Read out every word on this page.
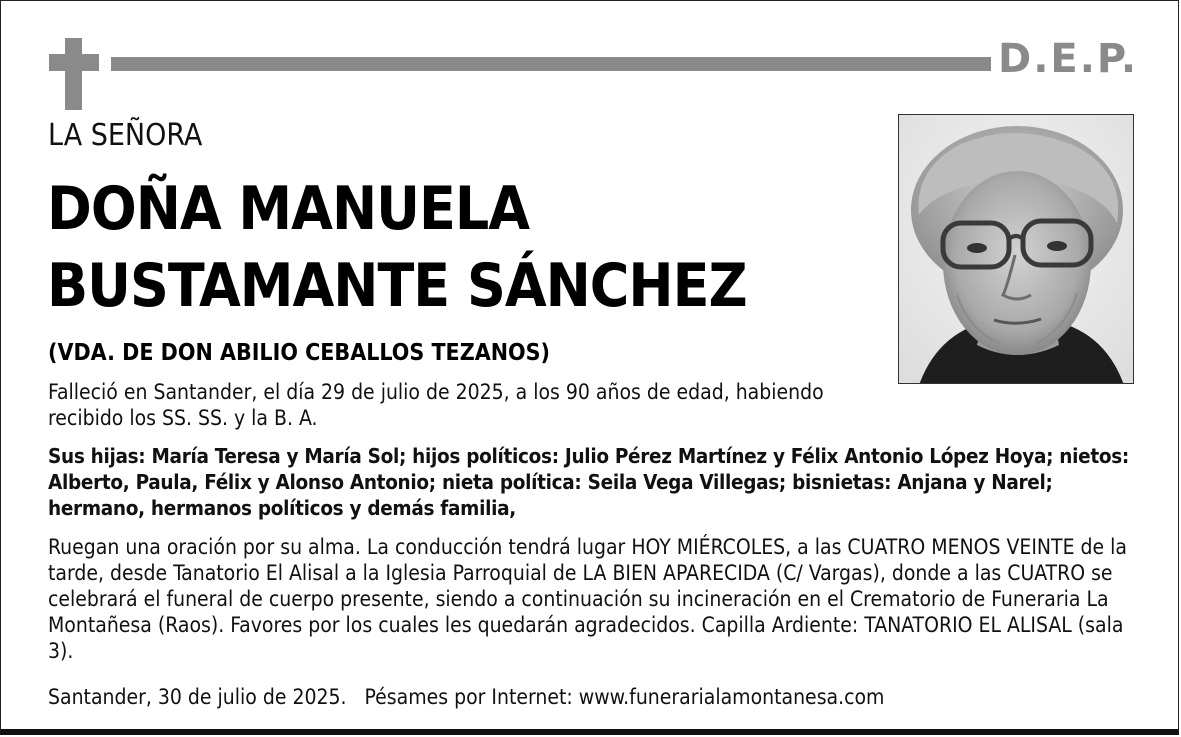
D.E.P.
LA SEÑORA
DOÑA MANUELA
BUSTAMANTE SÁNCHEZ
(VDA. DE DON ABILIO CEBALLOS TEZANOS)
Falleció en Santander, el día 29 de julio de 2025, a los 90 años de edad, habiendo recibido los SS. SS. y la B. A.
Sus hijas: María Teresa y María Sol; hijos políticos: Julio Pérez Martínez y Félix Antonio López Hoya; nietos: Alberto, Paula, Félix y Alonso Antonio; nieta política: Seila Vega Villegas; bisnietas: Anjana y Narel; hermano, hermanos políticos y demás familia,
Ruegan una oración por su alma. La conducción tendrá lugar HOY MIÉRCOLES, a las CUATRO MENOS VEINTE de la tarde, desde Tanatorio El Alisal a la Iglesia Parroquial de LA BIEN APARECIDA (C/ Vargas), donde a las CUATRO se celebrará el funeral de cuerpo presente, siendo a continuación su incineración en el Crematorio de Funeraria La Montañesa (Raos). Favores por los cuales les quedarán agradecidos. Capilla Ardiente: TANATORIO EL ALISAL (sala 3).
Santander, 30 de julio de 2025. Pésames por Internet: www.funerarialamontanesa.com
